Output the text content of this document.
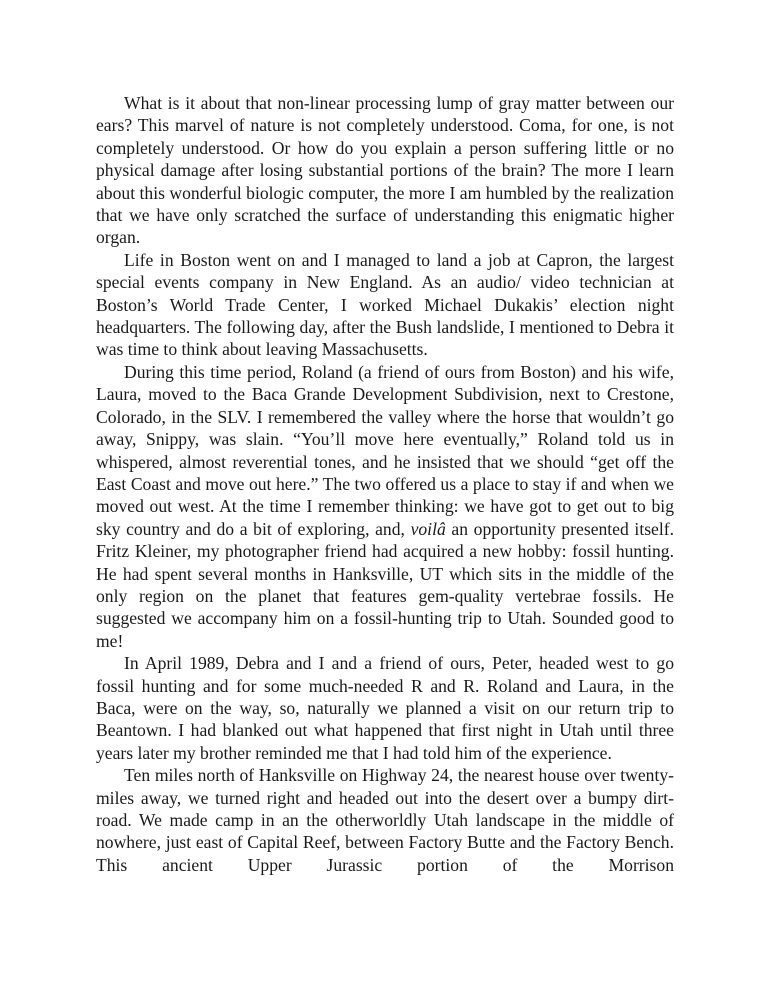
What is it about that non-linear processing lump of gray matter between our ears? This marvel of nature is not completely understood. Coma, for one, is not completely understood. Or how do you explain a person suffering little or no physical damage after losing substantial portions of the brain? The more I learn about this wonderful biologic computer, the more I am humbled by the realization that we have only scratched the surface of understanding this enigmatic higher organ.

Life in Boston went on and I managed to land a job at Capron, the largest special events company in New England. As an audio/ video technician at Boston’s World Trade Center, I worked Michael Dukakis’ election night headquarters. The following day, after the Bush landslide, I mentioned to Debra it was time to think about leaving Massachusetts.

During this time period, Roland (a friend of ours from Boston) and his wife, Laura, moved to the Baca Grande Development Subdivision, next to Crestone, Colorado, in the SLV. I remembered the valley where the horse that wouldn’t go away, Snippy, was slain. “You’ll move here eventually,” Roland told us in whispered, almost reverential tones, and he insisted that we should “get off the East Coast and move out here.” The two offered us a place to stay if and when we moved out west. At the time I remember thinking: we have got to get out to big sky country and do a bit of exploring, and, voilâ an opportunity presented itself. Fritz Kleiner, my photographer friend had acquired a new hobby: fossil hunting. He had spent several months in Hanksville, UT which sits in the middle of the only region on the planet that features gem-quality vertebrae fossils. He suggested we accompany him on a fossil-hunting trip to Utah. Sounded good to me!

In April 1989, Debra and I and a friend of ours, Peter, headed west to go fossil hunting and for some much-needed R and R. Roland and Laura, in the Baca, were on the way, so, naturally we planned a visit on our return trip to Beantown. I had blanked out what happened that first night in Utah until three years later my brother reminded me that I had told him of the experience.

Ten miles north of Hanksville on Highway 24, the nearest house over twenty-miles away, we turned right and headed out into the desert over a bumpy dirt-road. We made camp in an the otherworldly Utah landscape in the middle of nowhere, just east of Capital Reef, between Factory Butte and the Factory Bench. This ancient Upper Jurassic portion of the Morrison
